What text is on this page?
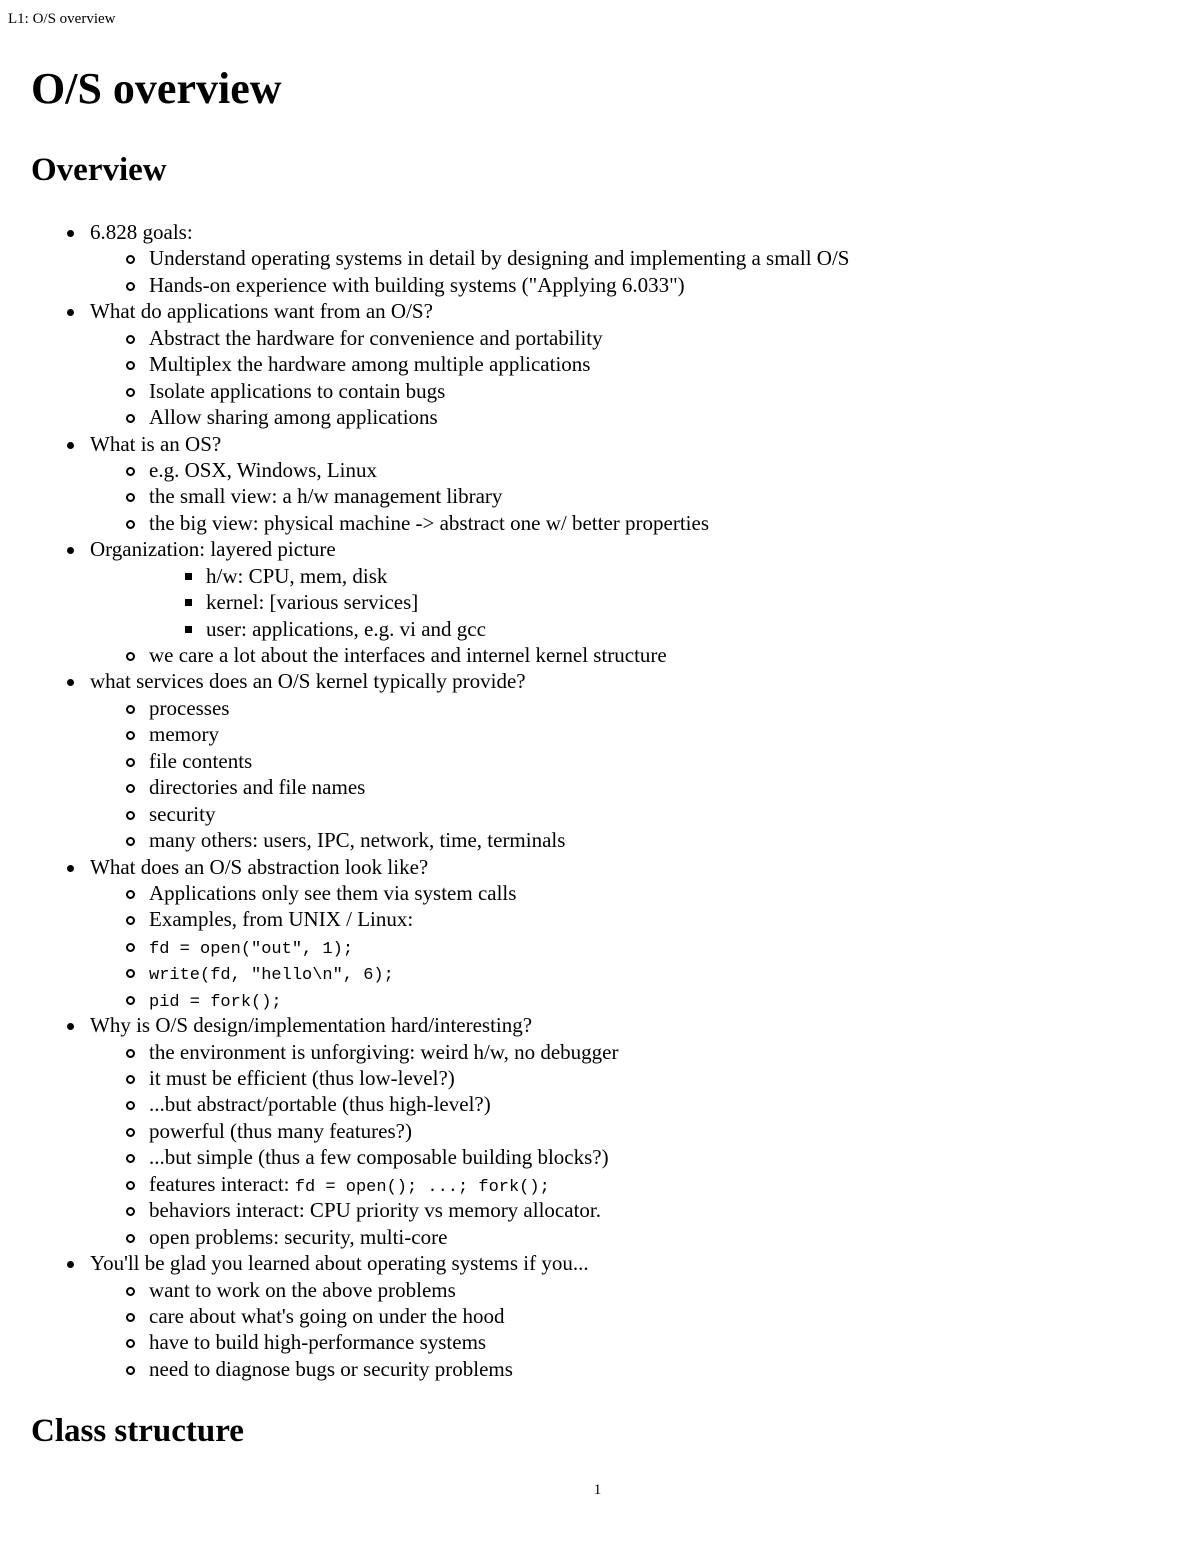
L1: O/S overview
O/S overview
Overview
6.828 goals:
Understand operating systems in detail by designing and implementing a small O/S
Hands-on experience with building systems ("Applying 6.033")
What do applications want from an O/S?
Abstract the hardware for convenience and portability
Multiplex the hardware among multiple applications
Isolate applications to contain bugs
Allow sharing among applications
What is an OS?
e.g. OSX, Windows, Linux
the small view: a h/w management library
the big view: physical machine -> abstract one w/ better properties
Organization: layered picture
h/w: CPU, mem, disk
kernel: [various services]
user: applications, e.g. vi and gcc
we care a lot about the interfaces and internel kernel structure
what services does an O/S kernel typically provide?
processes
memory
file contents
directories and file names
security
many others: users, IPC, network, time, terminals
What does an O/S abstraction look like?
Applications only see them via system calls
Examples, from UNIX / Linux:
fd = open("out", 1);
write(fd, "hello\n", 6);
pid = fork();
Why is O/S design/implementation hard/interesting?
the environment is unforgiving: weird h/w, no debugger
it must be efficient (thus low-level?)
...but abstract/portable (thus high-level?)
powerful (thus many features?)
...but simple (thus a few composable building blocks?)
features interact: fd = open(); ...; fork();
behaviors interact: CPU priority vs memory allocator.
open problems: security, multi-core
You'll be glad you learned about operating systems if you...
want to work on the above problems
care about what's going on under the hood
have to build high-performance systems
need to diagnose bugs or security problems
Class structure
1
